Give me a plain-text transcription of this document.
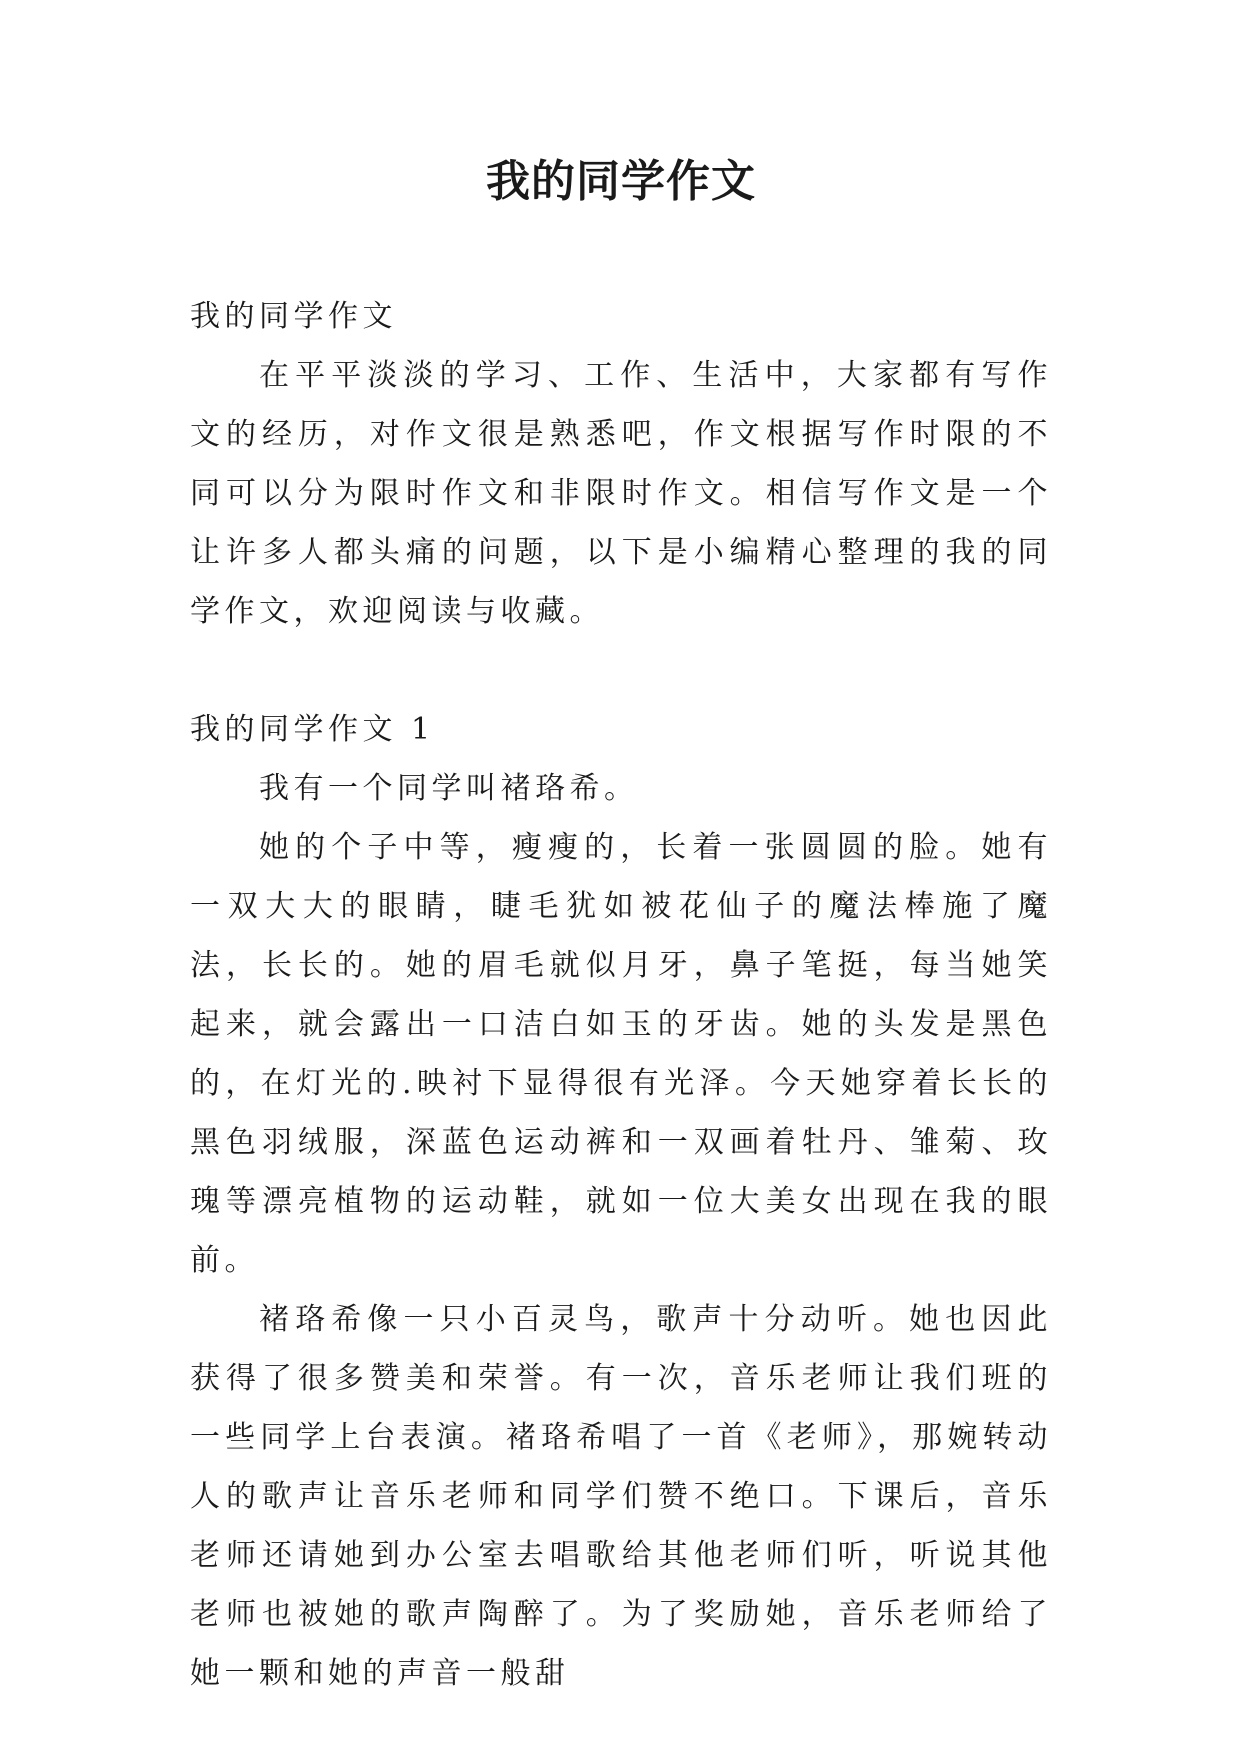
我的同学作文

我的同学作文

在平平淡淡的学习、工作、生活中，大家都有写作文的经历，对作文很是熟悉吧，作文根据写作时限的不同可以分为限时作文和非限时作文。相信写作文是一个让许多人都头痛的问题，以下是小编精心整理的我的同学作文，欢迎阅读与收藏。

我的同学作文 1

我有一个同学叫褚珞希。

她的个子中等，瘦瘦的，长着一张圆圆的脸。她有一双大大的眼睛，睫毛犹如被花仙子的魔法棒施了魔法，长长的。她的眉毛就似月牙，鼻子笔挺，每当她笑起来，就会露出一口洁白如玉的牙齿。她的头发是黑色的，在灯光的.映衬下显得很有光泽。今天她穿着长长的黑色羽绒服，深蓝色运动裤和一双画着牡丹、雏菊、玫瑰等漂亮植物的运动鞋，就如一位大美女出现在我的眼前。

褚珞希像一只小百灵鸟，歌声十分动听。她也因此获得了很多赞美和荣誉。有一次，音乐老师让我们班的一些同学上台表演。褚珞希唱了一首《老师》，那婉转动人的歌声让音乐老师和同学们赞不绝口。下课后，音乐老师还请她到办公室去唱歌给其他老师们听，听说其他老师也被她的歌声陶醉了。为了奖励她，音乐老师给了她一颗和她的声音一般甜
